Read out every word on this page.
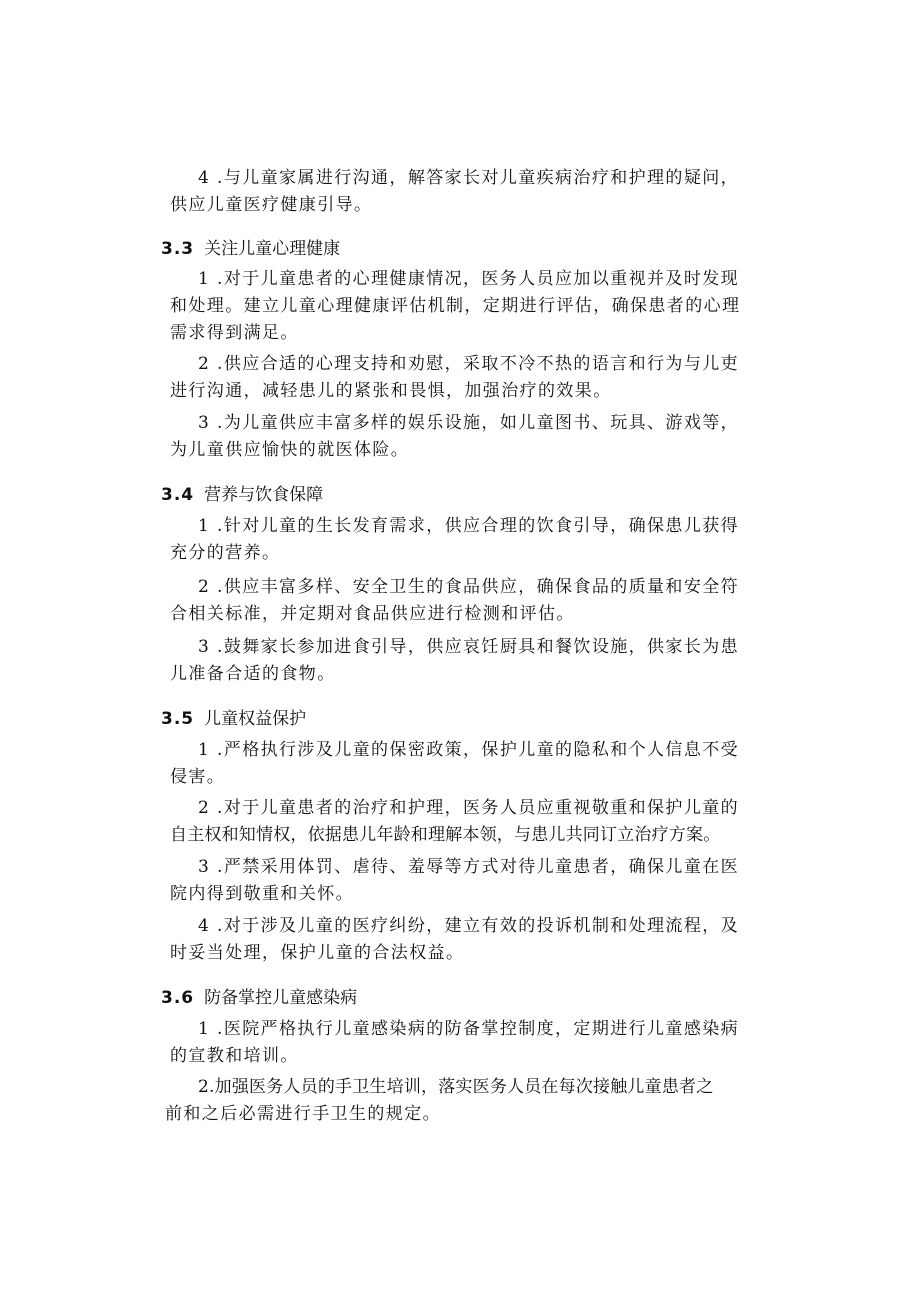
4 .与儿童家属进行沟通，解答家长对儿童疾病治疗和护理的疑问，
供应儿童医疗健康引导。
3.3 关注儿童心理健康
1 .对于儿童患者的心理健康情况，医务人员应加以重视并及时发现
和处理。建立儿童心理健康评估机制，定期进行评估，确保患者的心理
需求得到满足。
2 .供应合适的心理支持和劝慰，采取不冷不热的语言和行为与儿吏
进行沟通，减轻患儿的紧张和畏惧，加强治疗的效果。
3 .为儿童供应丰富多样的娱乐设施，如儿童图书、玩具、游戏等，
为儿童供应愉快的就医体险。
3.4 营养与饮食保障
1 .针对儿童的生长发育需求，供应合理的饮食引导，确保患儿获得
充分的营养。
2 .供应丰富多样、安全卫生的食品供应，确保食品的质量和安全符
合相关标准，并定期对食品供应进行检测和评估。
3 .鼓舞家长参加进食引导，供应哀饪厨具和餐饮设施，供家长为患
儿准备合适的食物。
3.5 儿童权益保护
1 .严格执行涉及儿童的保密政策，保护儿童的隐私和个人信息不受
侵害。
2 .对于儿童患者的治疗和护理，医务人员应重视敬重和保护儿童的
自主权和知情权，依据患儿年龄和理解本领，与患儿共同订立治疗方案。
3 .严禁采用体罚、虐待、羞辱等方式对待儿童患者，确保儿童在医
院内得到敬重和关怀。
4 .对于涉及儿童的医疗纠纷，建立有效的投诉机制和处理流程，及
时妥当处理，保护儿童的合法权益。
3.6 防备掌控儿童感染病
1 .医院严格执行儿童感染病的防备掌控制度，定期进行儿童感染病
的宣教和培训。
2.加强医务人员的手卫生培训，落实医务人员在每次接触儿童患者之
前和之后必需进行手卫生的规定。
